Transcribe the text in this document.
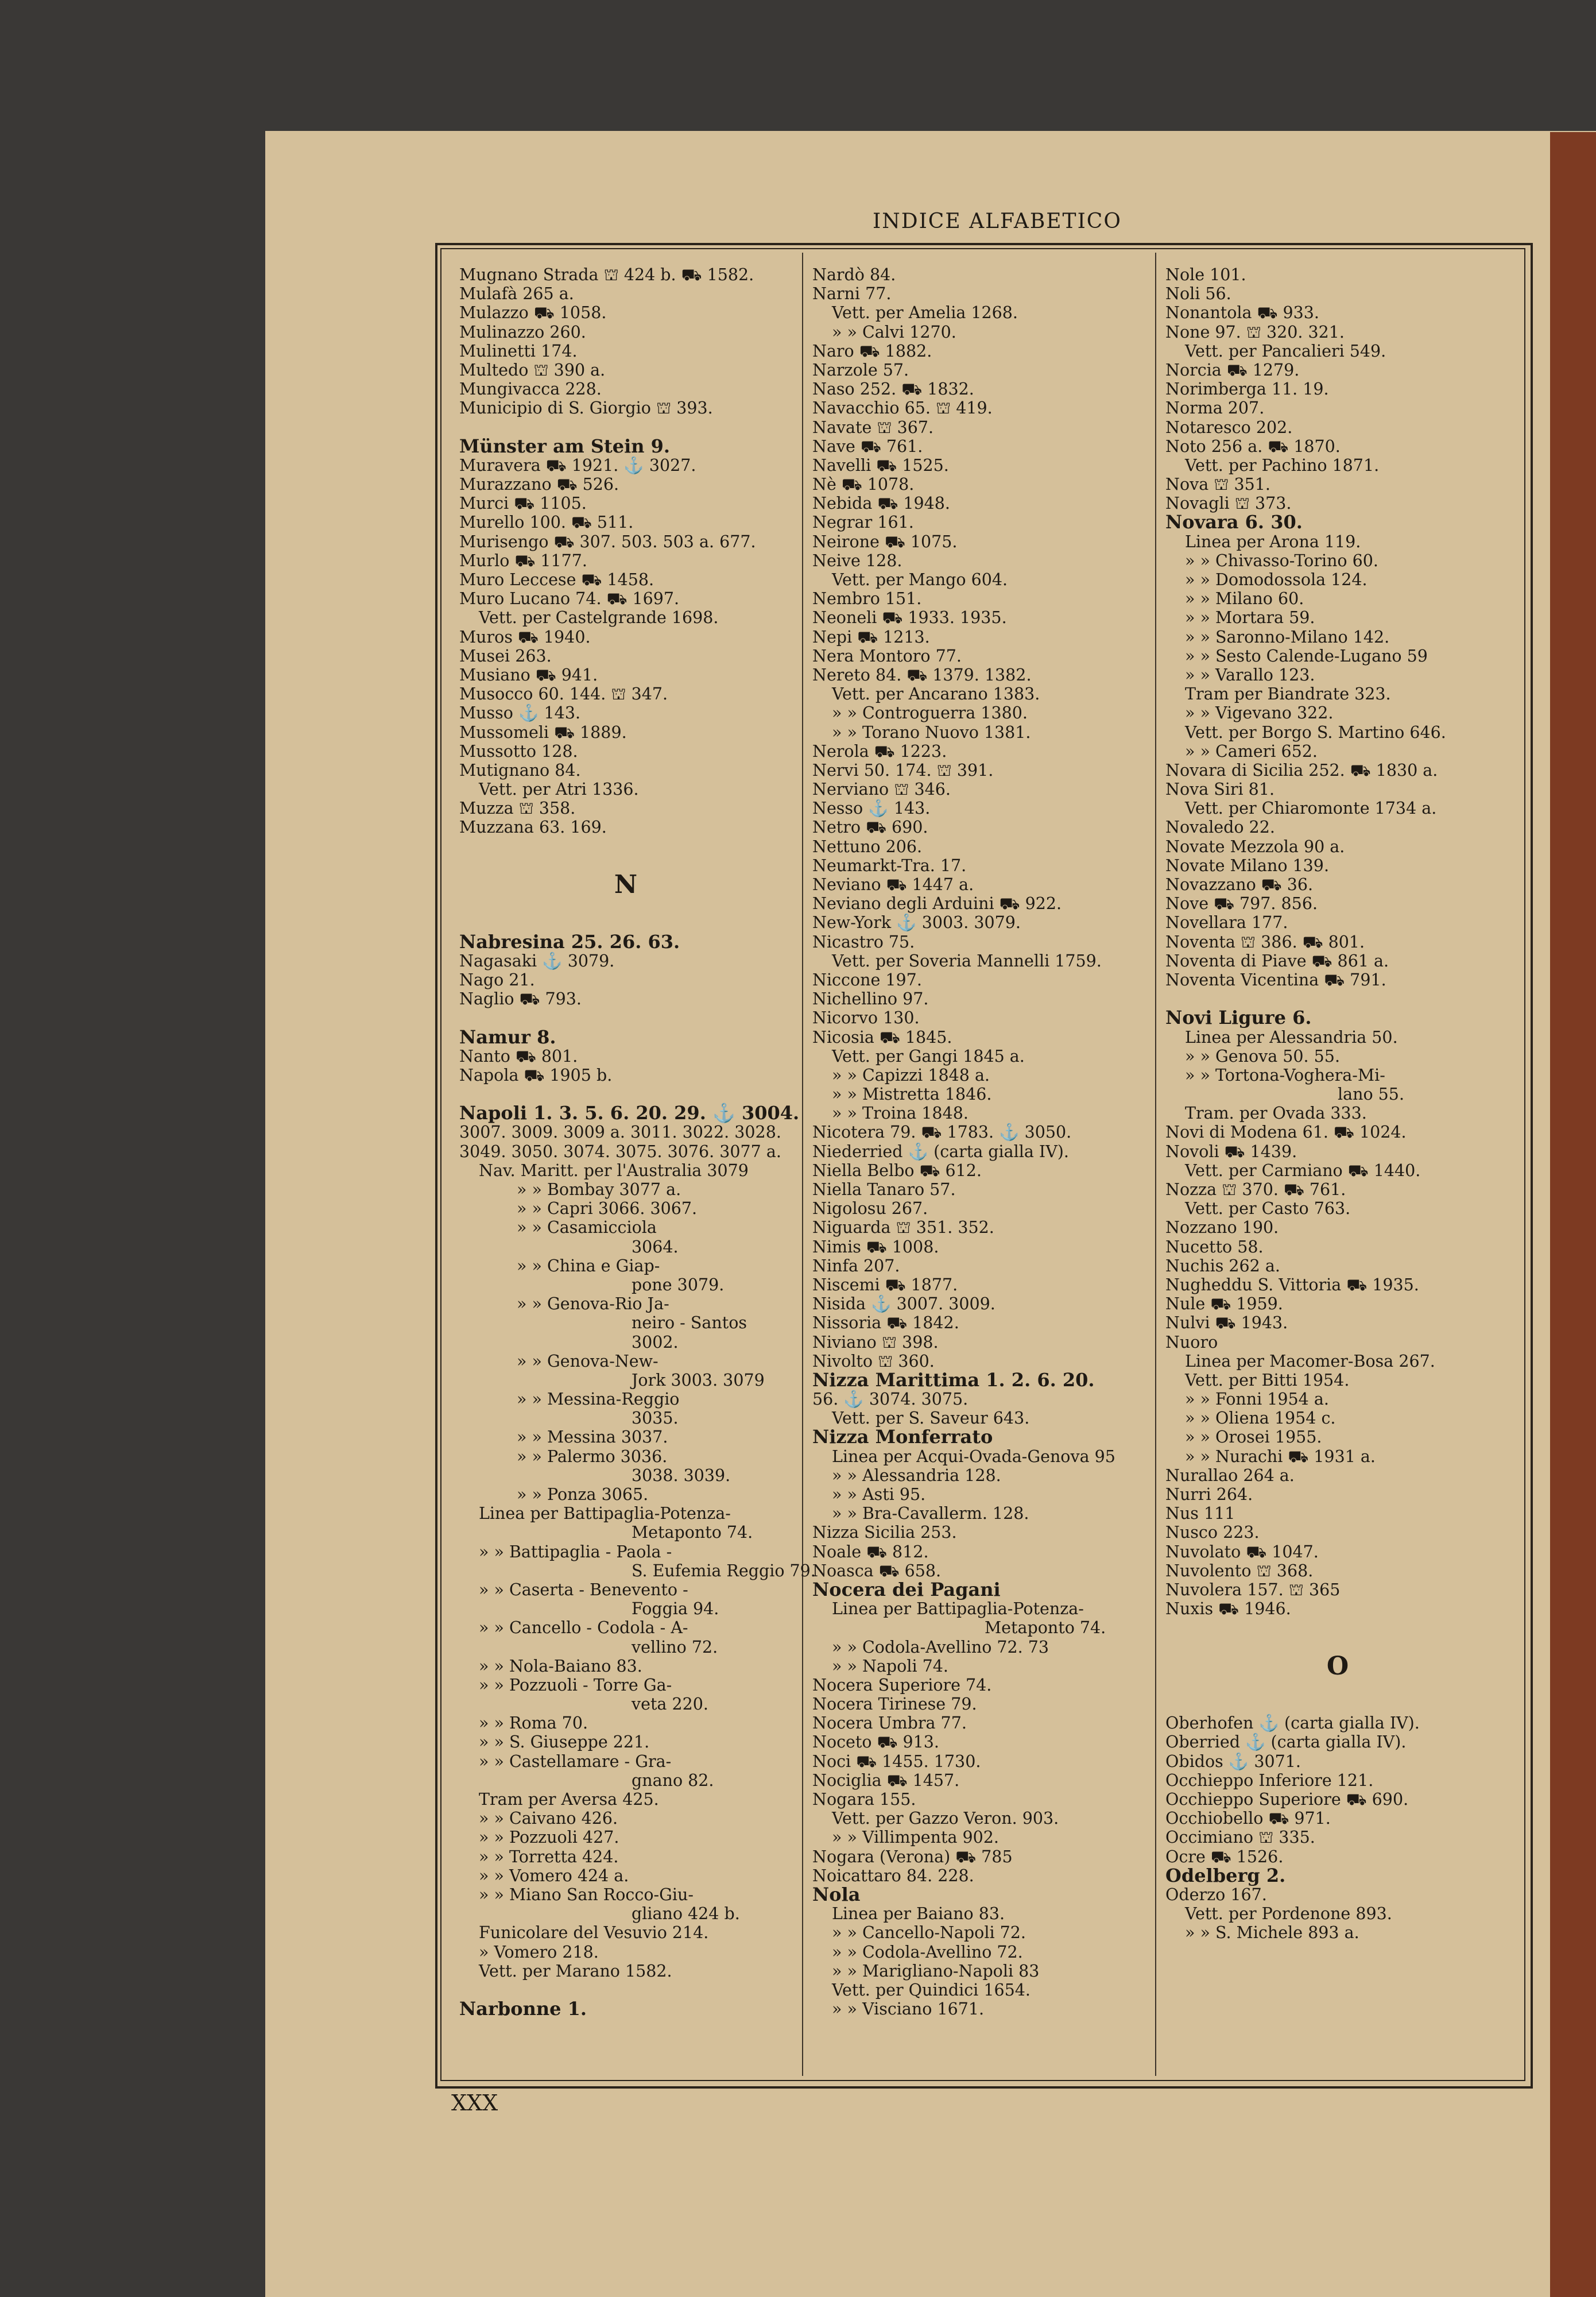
INDICE ALFABETICO
Mugnano Strada ⛫ 424 b. ⛟ 1582.
Mulafà 265 a.
Mulazzo ⛟ 1058.
Mulinazzo 260.
Mulinetti 174.
Multedo ⛫ 390 a.
Mungivacca 228.
Municipio di S. Giorgio ⛫ 393.
Münster am Stein 9.
Muravera ⛟ 1921. ⚓ 3027.
Murazzano ⛟ 526.
Murci ⛟ 1105.
Murello 100. ⛟ 511.
Murisengo ⛟ 307. 503. 503 a. 677.
Murlo ⛟ 1177.
Muro Leccese ⛟ 1458.
Muro Lucano 74. ⛟ 1697.
Vett. per Castelgrande 1698.
Muros ⛟ 1940.
Musei 263.
Musiano ⛟ 941.
Musocco 60. 144. ⛫ 347.
Musso ⚓ 143.
Mussomeli ⛟ 1889.
Mussotto 128.
Mutignano 84.
Vett. per Atri 1336.
Muzza ⛫ 358.
Muzzana 63. 169.
N
Nabresina 25. 26. 63.
Nagasaki ⚓ 3079.
Nago 21.
Naglio ⛟ 793.
Namur 8.
Nanto ⛟ 801.
Napola ⛟ 1905 b.
Napoli 1. 3. 5. 6. 20. 29. ⚓ 3004.
3007. 3009. 3009 a. 3011. 3022. 3028.
3049. 3050. 3074. 3075. 3076. 3077 a.
Nav. Maritt. per l'Australia 3079
» » Bombay 3077 a.
» » Capri 3066. 3067.
» » Casamicciola
3064.
» » China e Giap-
pone 3079.
» » Genova-Rio Ja-
neiro - Santos
3002.
» » Genova-New-
Jork 3003. 3079
» » Messina-Reggio
3035.
» » Messina 3037.
» » Palermo 3036.
3038. 3039.
» » Ponza 3065.
Linea per Battipaglia-Potenza-
Metaponto 74.
» » Battipaglia - Paola -
S. Eufemia Reggio 79.
» » Caserta - Benevento -
Foggia 94.
» » Cancello - Codola - A-
vellino 72.
» » Nola-Baiano 83.
» » Pozzuoli - Torre Ga-
veta 220.
» » Roma 70.
» » S. Giuseppe 221.
» » Castellamare - Gra-
gnano 82.
Tram per Aversa 425.
» » Caivano 426.
» » Pozzuoli 427.
» » Torretta 424.
» » Vomero 424 a.
» » Miano San Rocco-Giu-
gliano 424 b.
Funicolare del Vesuvio 214.
» Vomero 218.
Vett. per Marano 1582.
Narbonne 1.
Nardò 84.
Narni 77.
Vett. per Amelia 1268.
» » Calvi 1270.
Naro ⛟ 1882.
Narzole 57.
Naso 252. ⛟ 1832.
Navacchio 65. ⛫ 419.
Navate ⛫ 367.
Nave ⛟ 761.
Navelli ⛟ 1525.
Nè ⛟ 1078.
Nebida ⛟ 1948.
Negrar 161.
Neirone ⛟ 1075.
Neive 128.
Vett. per Mango 604.
Nembro 151.
Neoneli ⛟ 1933. 1935.
Nepi ⛟ 1213.
Nera Montoro 77.
Nereto 84. ⛟ 1379. 1382.
Vett. per Ancarano 1383.
» » Controguerra 1380.
» » Torano Nuovo 1381.
Nerola ⛟ 1223.
Nervi 50. 174. ⛫ 391.
Nerviano ⛫ 346.
Nesso ⚓ 143.
Netro ⛟ 690.
Nettuno 206.
Neumarkt-Tra. 17.
Neviano ⛟ 1447 a.
Neviano degli Arduini ⛟ 922.
New-York ⚓ 3003. 3079.
Nicastro 75.
Vett. per Soveria Mannelli 1759.
Niccone 197.
Nichellino 97.
Nicorvo 130.
Nicosia ⛟ 1845.
Vett. per Gangi 1845 a.
» » Capizzi 1848 a.
» » Mistretta 1846.
» » Troina 1848.
Nicotera 79. ⛟ 1783. ⚓ 3050.
Niederried ⚓ (carta gialla IV).
Niella Belbo ⛟ 612.
Niella Tanaro 57.
Nigolosu 267.
Niguarda ⛫ 351. 352.
Nimis ⛟ 1008.
Ninfa 207.
Niscemi ⛟ 1877.
Nisida ⚓ 3007. 3009.
Nissoria ⛟ 1842.
Niviano ⛫ 398.
Nivolto ⛫ 360.
Nizza Marittima 1. 2. 6. 20.
56. ⚓ 3074. 3075.
Vett. per S. Saveur 643.
Nizza Monferrato
Linea per Acqui-Ovada-Genova 95
» » Alessandria 128.
» » Asti 95.
» » Bra-Cavallerm. 128.
Nizza Sicilia 253.
Noale ⛟ 812.
Noasca ⛟ 658.
Nocera dei Pagani
Linea per Battipaglia-Potenza-
Metaponto 74.
» » Codola-Avellino 72. 73
» » Napoli 74.
Nocera Superiore 74.
Nocera Tirinese 79.
Nocera Umbra 77.
Noceto ⛟ 913.
Noci ⛟ 1455. 1730.
Nociglia ⛟ 1457.
Nogara 155.
Vett. per Gazzo Veron. 903.
» » Villimpenta 902.
Nogara (Verona) ⛟ 785
Noicattaro 84. 228.
Nola
Linea per Baiano 83.
» » Cancello-Napoli 72.
» » Codola-Avellino 72.
» » Marigliano-Napoli 83
Vett. per Quindici 1654.
» » Visciano 1671.
Nole 101.
Noli 56.
Nonantola ⛟ 933.
None 97. ⛫ 320. 321.
Vett. per Pancalieri 549.
Norcia ⛟ 1279.
Norimberga 11. 19.
Norma 207.
Notaresco 202.
Noto 256 a. ⛟ 1870.
Vett. per Pachino 1871.
Nova ⛫ 351.
Novagli ⛫ 373.
Novara 6. 30.
Linea per Arona 119.
» » Chivasso-Torino 60.
» » Domodossola 124.
» » Milano 60.
» » Mortara 59.
» » Saronno-Milano 142.
» » Sesto Calende-Lugano 59
» » Varallo 123.
Tram per Biandrate 323.
» » Vigevano 322.
Vett. per Borgo S. Martino 646.
» » Cameri 652.
Novara di Sicilia 252. ⛟ 1830 a.
Nova Siri 81.
Vett. per Chiaromonte 1734 a.
Novaledo 22.
Novate Mezzola 90 a.
Novate Milano 139.
Novazzano ⛟ 36.
Nove ⛟ 797. 856.
Novellara 177.
Noventa ⛫ 386. ⛟ 801.
Noventa di Piave ⛟ 861 a.
Noventa Vicentina ⛟ 791.
Novi Ligure 6.
Linea per Alessandria 50.
» » Genova 50. 55.
» » Tortona-Voghera-Mi-
lano 55.
Tram. per Ovada 333.
Novi di Modena 61. ⛟ 1024.
Novoli ⛟ 1439.
Vett. per Carmiano ⛟ 1440.
Nozza ⛫ 370. ⛟ 761.
Vett. per Casto 763.
Nozzano 190.
Nucetto 58.
Nuchis 262 a.
Nugheddu S. Vittoria ⛟ 1935.
Nule ⛟ 1959.
Nulvi ⛟ 1943.
Nuoro
Linea per Macomer-Bosa 267.
Vett. per Bitti 1954.
» » Fonni 1954 a.
» » Oliena 1954 c.
» » Orosei 1955.
» » Nurachi ⛟ 1931 a.
Nurallao 264 a.
Nurri 264.
Nus 111
Nusco 223.
Nuvolato ⛟ 1047.
Nuvolento ⛫ 368.
Nuvolera 157. ⛫ 365
Nuxis ⛟ 1946.
O
Oberhofen ⚓ (carta gialla IV).
Oberried ⚓ (carta gialla IV).
Obidos ⚓ 3071.
Occhieppo Inferiore 121.
Occhieppo Superiore ⛟ 690.
Occhiobello ⛟ 971.
Occimiano ⛫ 335.
Ocre ⛟ 1526.
Odelberg 2.
Oderzo 167.
Vett. per Pordenone 893.
» » S. Michele 893 a.
XXX
